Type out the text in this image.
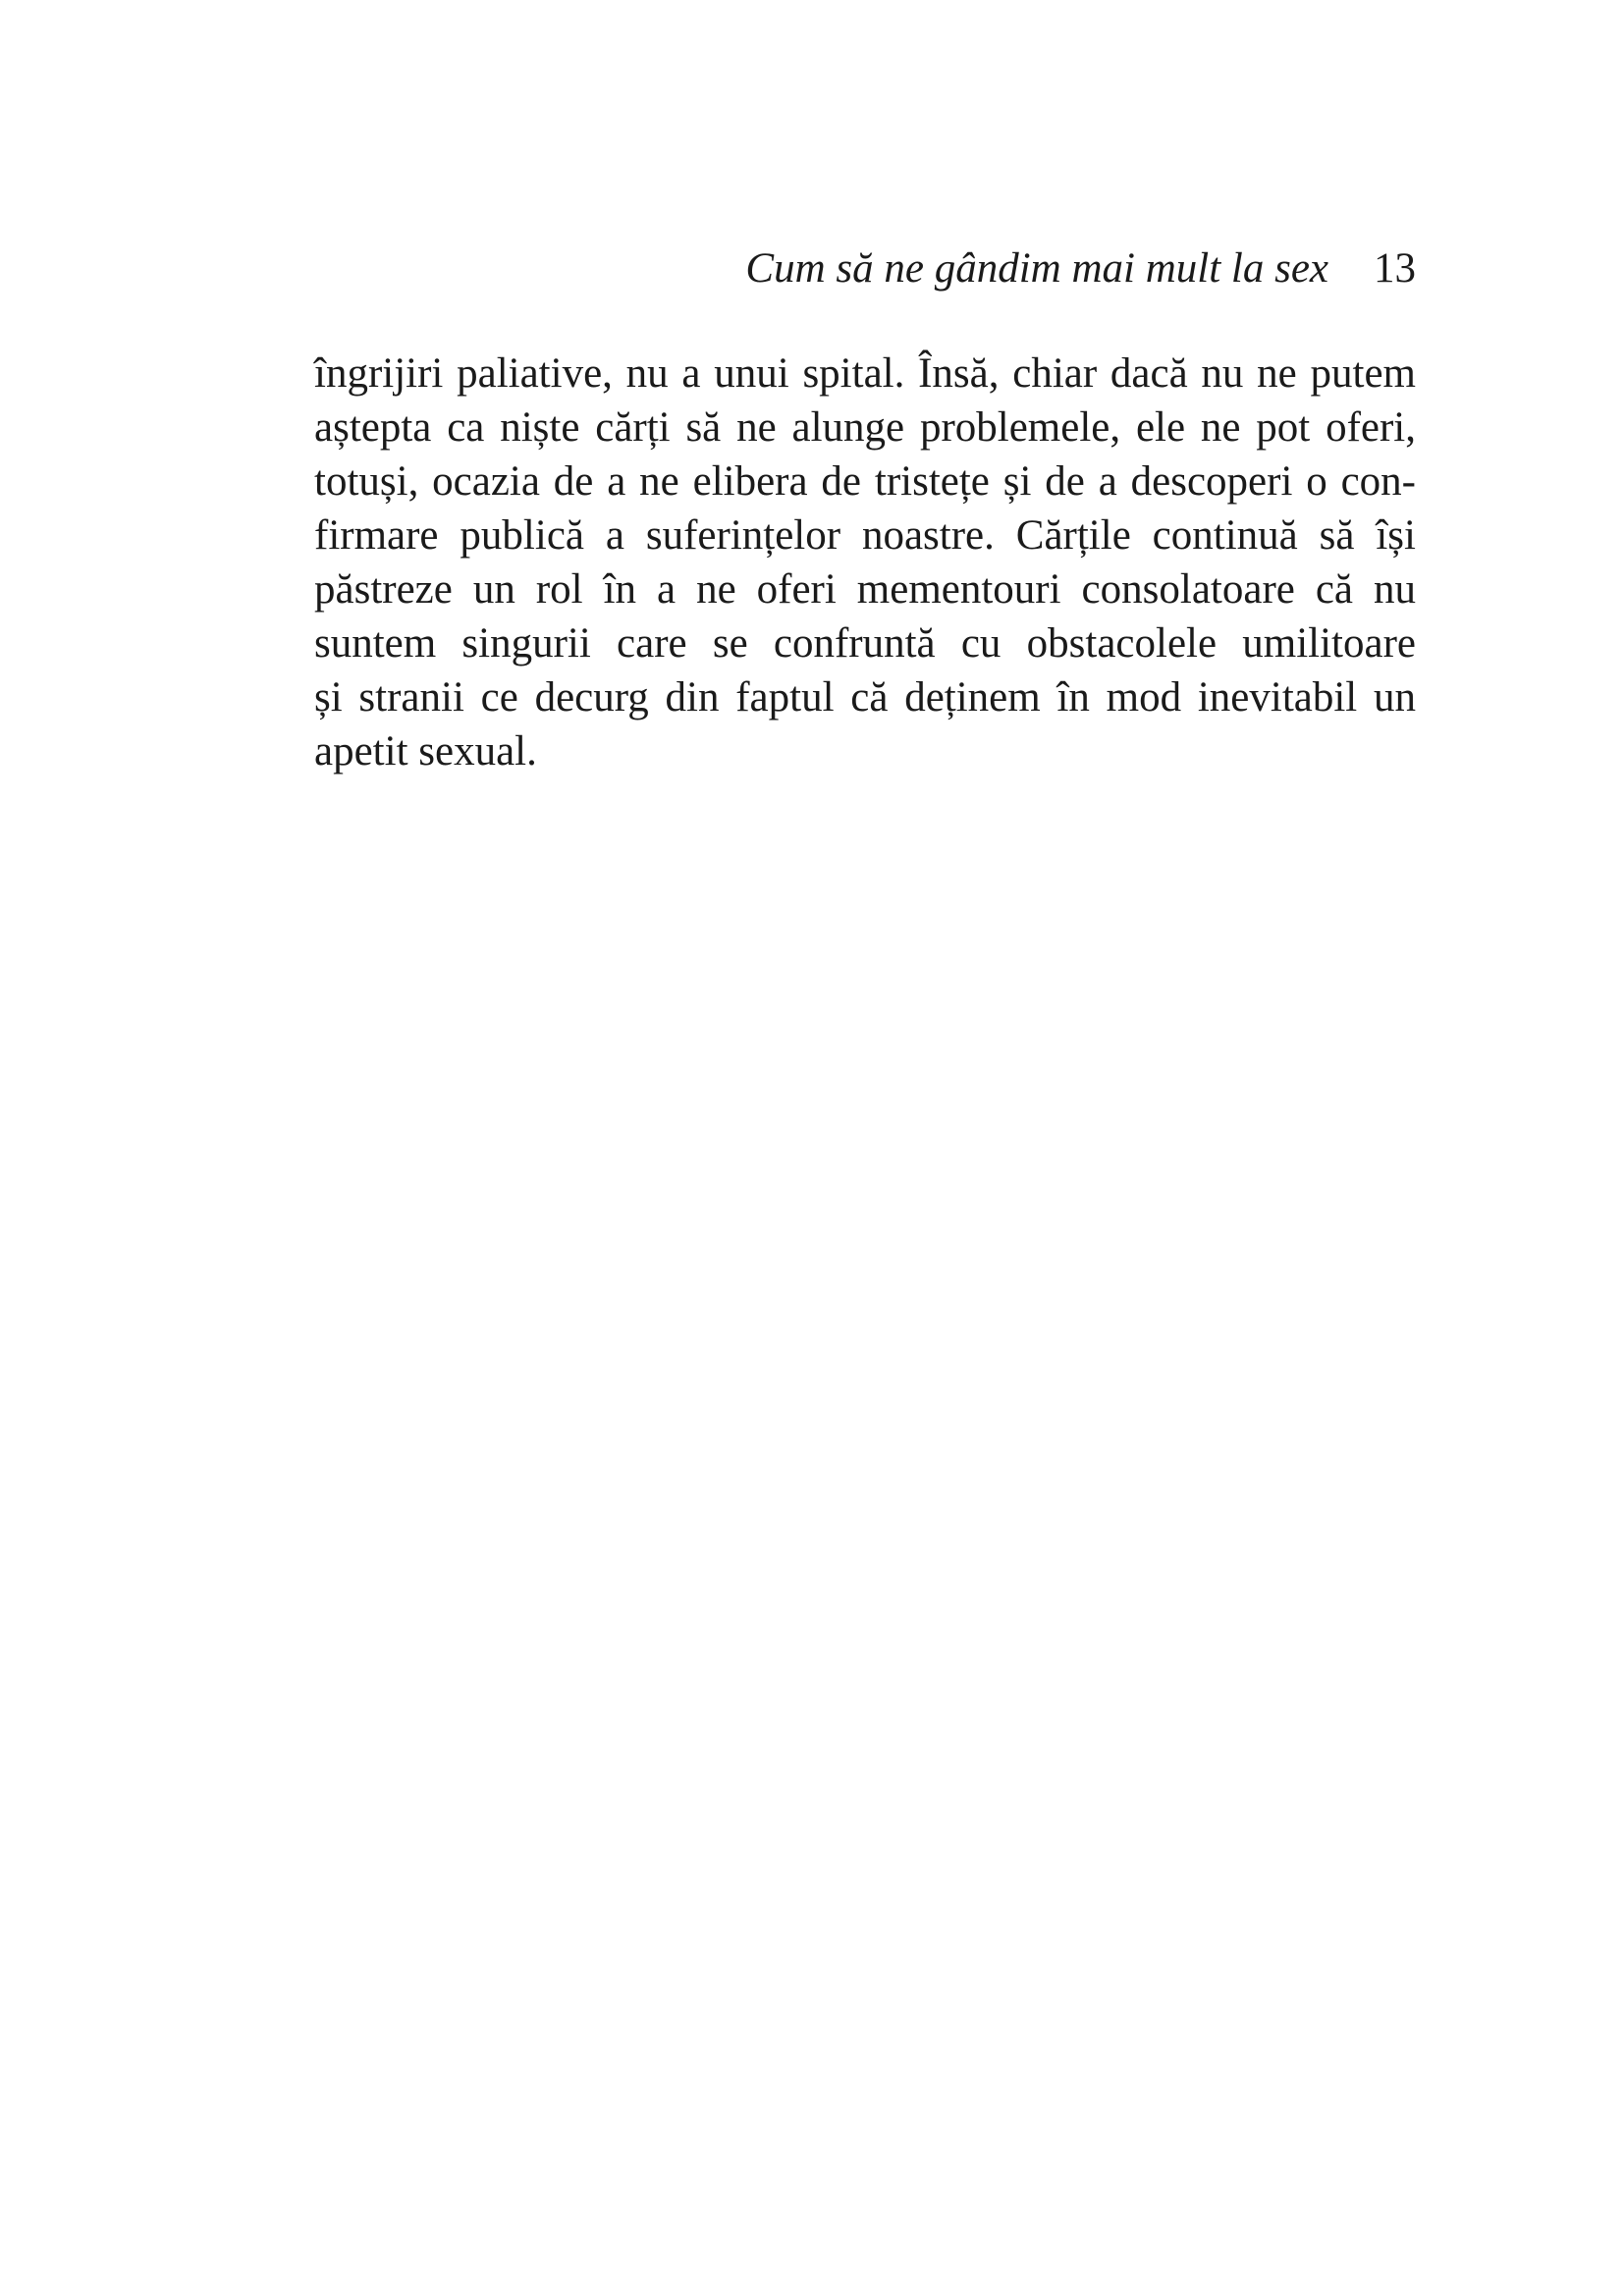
Cum să ne gândim mai mult la sex 13
îngrijiri paliative, nu a unui spital. Însă, chiar dacă nu ne putem
aștepta ca niște cărți să ne alunge problemele, ele ne pot oferi,
totuși, ocazia de a ne elibera de tristețe și de a descoperi o con-
firmare publică a suferințelor noastre. Cărțile continuă să își
păstreze un rol în a ne oferi mementouri consolatoare că nu
suntem singurii care se confruntă cu obstacolele umilitoare
și stranii ce decurg din faptul că deținem în mod inevitabil un
apetit sexual.
